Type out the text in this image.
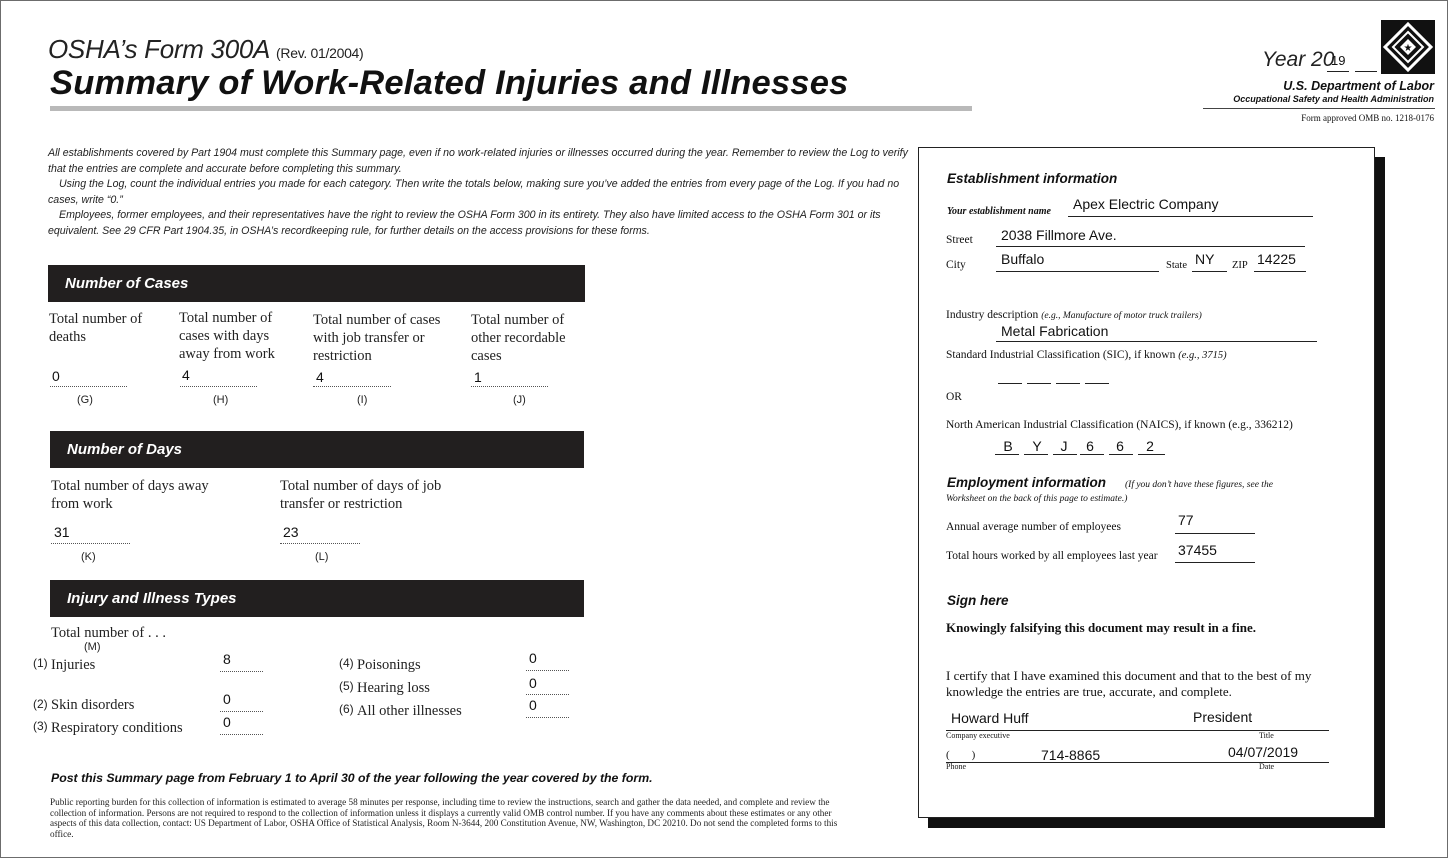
OSHA’s Form 300A (Rev. 01/2004)
Summary of Work-Related Injuries and Illnesses
Year 20
19
★
U.S. Department of Labor
Occupational Safety and Health Administration
Form approved OMB no. 1218-0176

All establishments covered by Part 1904 must complete this Summary page, even if no work-related injuries or illnesses occurred during the year. Remember to review the Log to verify that the entries are complete and accurate before completing this summary.

Using the Log, count the individual entries you made for each category. Then write the totals below, making sure you’ve added the entries from every page of the Log. If you had no cases, write “0.”

Employees, former employees, and their representatives have the right to review the OSHA Form 300 in its entirety. They also have limited access to the OSHA Form 301 or its equivalent. See 29 CFR Part 1904.35, in OSHA’s recordkeeping rule, for further details on the access provisions for these forms.

Number of Cases
Total number of deaths
0
(G)
Total number of cases with days away from work
4
(H)
Total number of cases with job transfer or restriction
4
(I)
Total number of other recordable cases
1
(J)
Number of Days
Total number of days away from work
31
(K)
Total number of days of job transfer or restriction
23
(L)
Injury and Illness Types
Total number of . . .
(M)
(1) Injuries	8
(2) Skin disorders	0
(3) Respiratory conditions	0
(4) Poisonings	0
(5) Hearing loss	0
(6) All other illnesses	0
Post this Summary page from February 1 to April 30 of the year following the year covered by the form.
Public reporting burden for this collection of information is estimated to average 58 minutes per response, including time to review the instructions, search and gather the data needed, and complete and review the collection of information. Persons are not required to respond to the collection of information unless it displays a currently valid OMB control number. If you have any comments about these estimates or any other aspects of this data collection, contact: US Department of Labor, OSHA Office of Statistical Analysis, Room N-3644, 200 Constitution Avenue, NW, Washington, DC 20210. Do not send the completed forms to this office.
Establishment information
Your establishment name Apex Electric Company
Street 2038 Fillmore Ave.
City	Buffalo	State NY ZIP 14225
Industry description (e.g., Manufacture of motor truck trailers)
Metal Fabrication
Standard Industrial Classification (SIC), if known (e.g., 3715)
OR
North American Industrial Classification (NAICS), if known (e.g., 336212)
B	Y	J 6 6 2
Employment information	(If you don’t have these figures, see the Worksheet on the back of this page to estimate.)
Annual average number of employees	77
Total hours worked by all employees last year 37455
Sign here
Knowingly falsifying this document may result in a fine.
I certify that I have examined this document and that to the best of my knowledge the entries are true, accurate, and complete.
Howard Huff	President
Company executive	Title
(        )	714-8865	04/07/2019
Phone	Date
